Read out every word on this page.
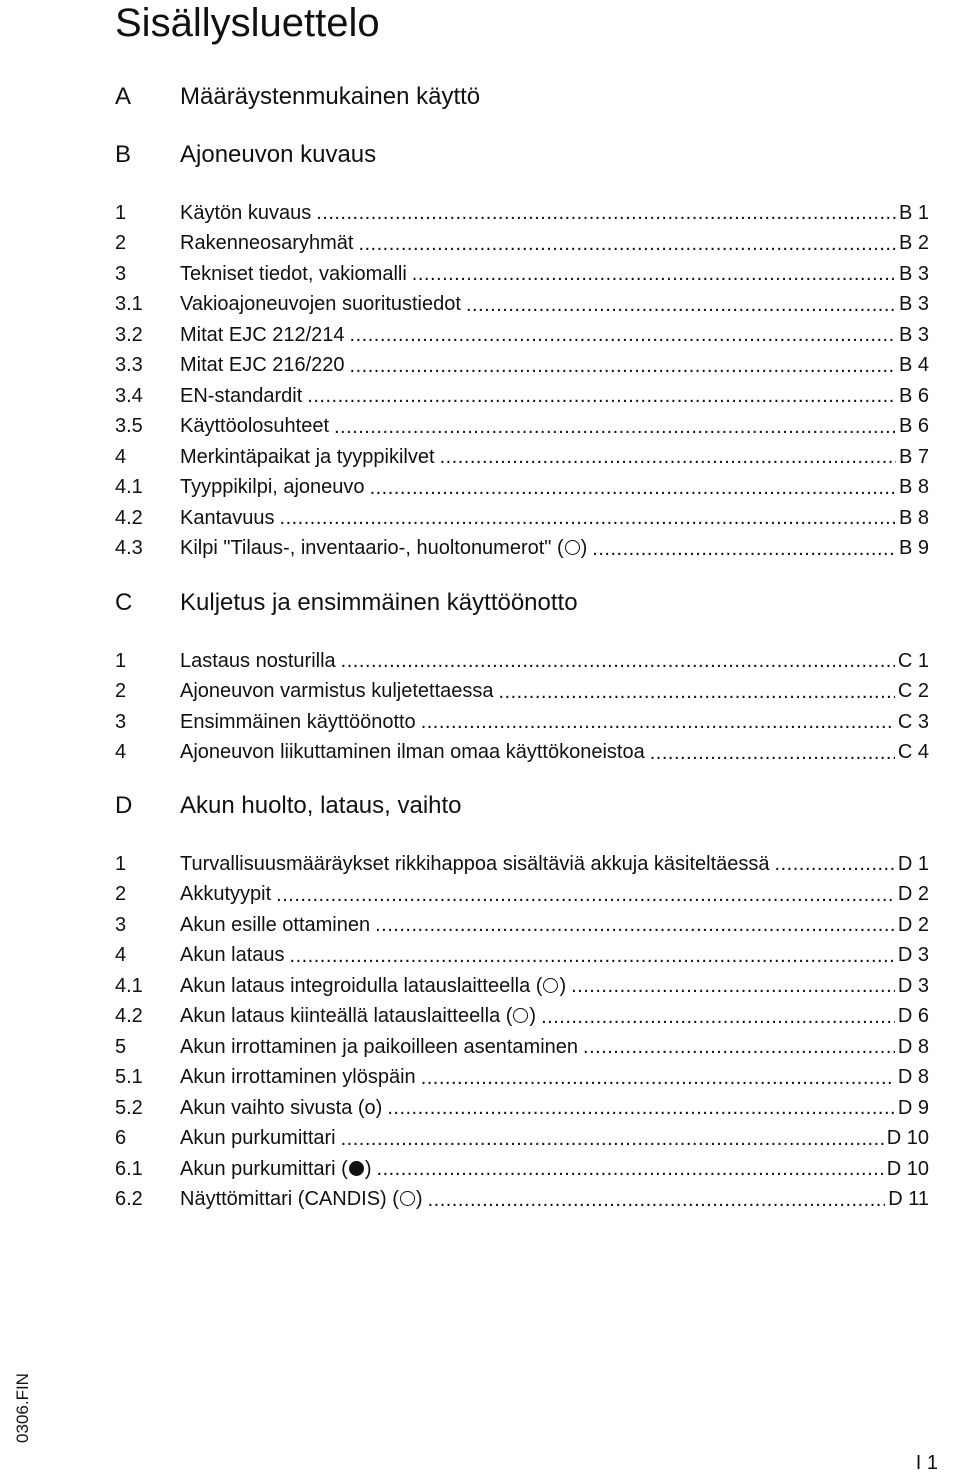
Sisällysluettelo
A	Määräystenmukainen käyttö
B	Ajoneuvon kuvaus
1	Käytön kuvaus .....	B 1
2	Rakenneosaryhmät .....	B 2
3	Tekniset tiedot, vakiomalli .....	B 3
3.1	Vakioajoneuvojen suoritustiedot .....	B 3
3.2	Mitat EJC 212/214 .....	B 3
3.3	Mitat EJC 216/220 .....	B 4
3.4	EN-standardit .....	B 6
3.5	Käyttöolosuhteet .....	B 6
4	Merkintäpaikat ja tyyppikilvet .....	B 7
4.1	Tyyppikilpi, ajoneuvo .....	B 8
4.2	Kantavuus .....	B 8
4.3	Kilpi "Tilaus-, inventaario-, huoltonumerot" ( ) .....	B 9
C	Kuljetus ja ensimmäinen käyttöönotto
1	Lastaus nosturilla .....	C 1
2	Ajoneuvon varmistus kuljetettaessa .....	C 2
3	Ensimmäinen käyttöönotto .....	C 3
4	Ajoneuvon liikuttaminen ilman omaa käyttökoneistoa .....	C 4
D	Akun huolto, lataus, vaihto
1	Turvallisuusmääräykset rikkihappoa sisältäviä akkuja käsiteltäessä .....	D 1
2	Akkutyypit .....	D 2
3	Akun esille ottaminen .....	D 2
4	Akun lataus .....	D 3
4.1	Akun lataus integroidulla latauslaitteella ( ) .....	D 3
4.2	Akun lataus kiinteällä latauslaitteella ( ) .....	D 6
5	Akun irrottaminen ja paikoilleen asentaminen .....	D 8
5.1	Akun irrottaminen ylöspäin .....	D 8
5.2	Akun vaihto sivusta (o) .....	D 9
6	Akun purkumittari .....	D 10
6.1	Akun purkumittari ( ) .....	D 10
6.2	Näyttömittari (CANDIS) ( ) .....	D 11
0306.FIN
I 1
